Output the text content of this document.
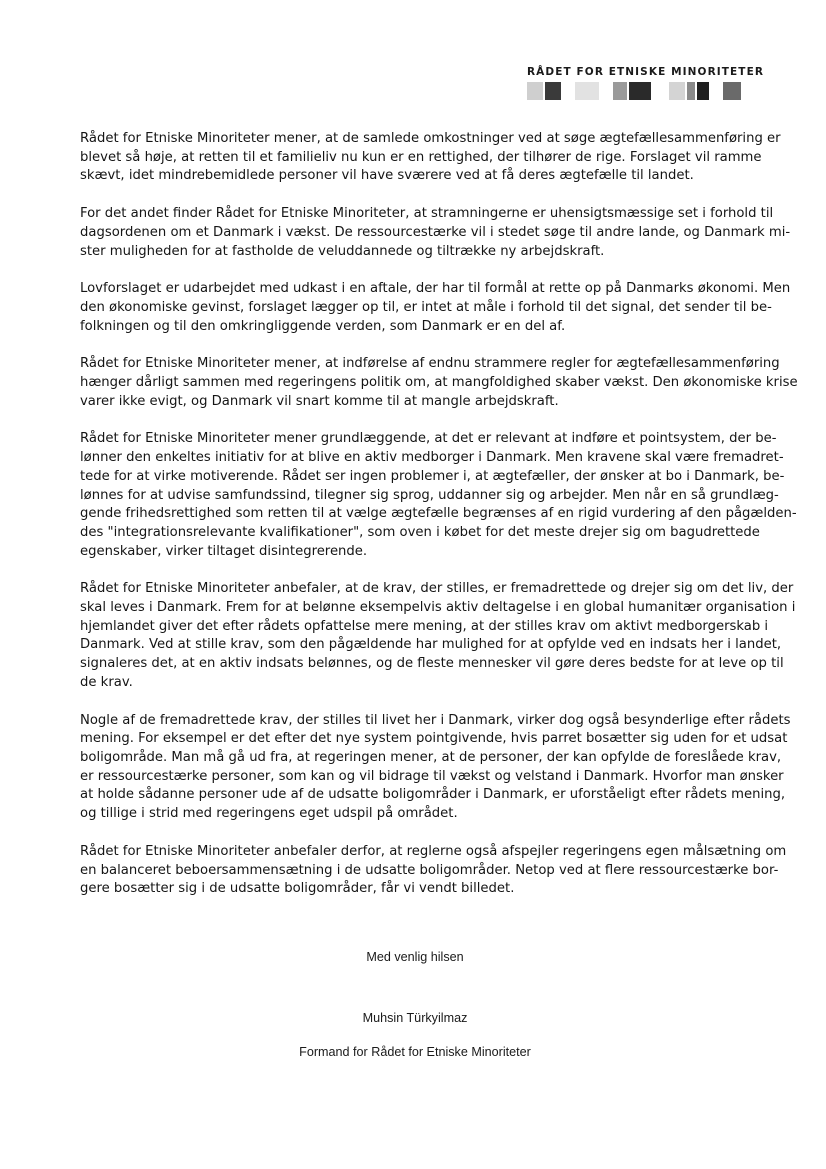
RÅDET FOR ETNISKE MINORITETER
Rådet for Etniske Minoriteter mener, at de samlede omkostninger ved at søge ægtefællesammenføring er
blevet så høje, at retten til et familieliv nu kun er en rettighed, der tilhører de rige. Forslaget vil ramme
skævt, idet mindrebemidlede personer vil have sværere ved at få deres ægtefælle til landet.
For det andet finder Rådet for Etniske Minoriteter, at stramningerne er uhensigtsmæssige set i forhold til
dagsordenen om et Danmark i vækst. De ressourcestærke vil i stedet søge til andre lande, og Danmark mi-
ster muligheden for at fastholde de veluddannede og tiltrække ny arbejdskraft.
Lovforslaget er udarbejdet med udkast i en aftale, der har til formål at rette op på Danmarks økonomi. Men
den økonomiske gevinst, forslaget lægger op til, er intet at måle i forhold til det signal, det sender til be-
folkningen og til den omkringliggende verden, som Danmark er en del af.
Rådet for Etniske Minoriteter mener, at indførelse af endnu strammere regler for ægtefællesammenføring
hænger dårligt sammen med regeringens politik om, at mangfoldighed skaber vækst. Den økonomiske krise
varer ikke evigt, og Danmark vil snart komme til at mangle arbejdskraft.
Rådet for Etniske Minoriteter mener grundlæggende, at det er relevant at indføre et pointsystem, der be-
lønner den enkeltes initiativ for at blive en aktiv medborger i Danmark. Men kravene skal være fremadret-
tede for at virke motiverende. Rådet ser ingen problemer i, at ægtefæller, der ønsker at bo i Danmark, be-
lønnes for at udvise samfundssind, tilegner sig sprog, uddanner sig og arbejder. Men når en så grundlæg-
gende frihedsrettighed som retten til at vælge ægtefælle begrænses af en rigid vurdering af den pågælden-
des "integrationsrelevante kvalifikationer", som oven i købet for det meste drejer sig om bagudrettede
egenskaber, virker tiltaget disintegrerende.
Rådet for Etniske Minoriteter anbefaler, at de krav, der stilles, er fremadrettede og drejer sig om det liv, der
skal leves i Danmark. Frem for at belønne eksempelvis aktiv deltagelse i en global humanitær organisation i
hjemlandet giver det efter rådets opfattelse mere mening, at der stilles krav om aktivt medborgerskab i
Danmark. Ved at stille krav, som den pågældende har mulighed for at opfylde ved en indsats her i landet,
signaleres det, at en aktiv indsats belønnes, og de fleste mennesker vil gøre deres bedste for at leve op til
de krav.
Nogle af de fremadrettede krav, der stilles til livet her i Danmark, virker dog også besynderlige efter rådets
mening. For eksempel er det efter det nye system pointgivende, hvis parret bosætter sig uden for et udsat
boligområde. Man må gå ud fra, at regeringen mener, at de personer, der kan opfylde de foreslåede krav,
er ressourcestærke personer, som kan og vil bidrage til vækst og velstand i Danmark. Hvorfor man ønsker
at holde sådanne personer ude af de udsatte boligområder i Danmark, er uforståeligt efter rådets mening,
og tillige i strid med regeringens eget udspil på området.
Rådet for Etniske Minoriteter anbefaler derfor, at reglerne også afspejler regeringens egen målsætning om
en balanceret beboersammensætning i de udsatte boligområder. Netop ved at flere ressourcestærke bor-
gere bosætter sig i de udsatte boligområder, får vi vendt billedet.
Med venlig hilsen
Muhsin Türkyilmaz
Formand for Rådet for Etniske Minoriteter
